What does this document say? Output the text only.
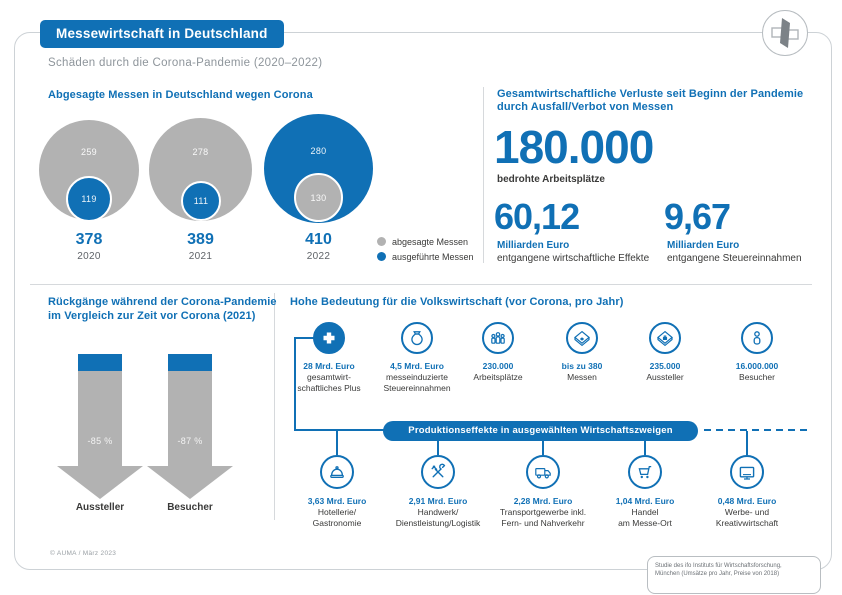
Messewirtschaft in Deutschland
Schäden durch die Corona-Pandemie (2020–2022)
Abgesagte Messen in Deutschland wegen Corona
259
119
378
2020
278
111
389
2021
280
130
410
2022
abgesagte Messen
ausgeführte Messen
Gesamtwirtschaftliche Verluste seit Beginn der Pandemie
durch Ausfall/Verbot von Messen
180.000
bedrohte Arbeitsplätze
60,12
Milliarden Euro
entgangene wirtschaftliche Effekte
9,67
Milliarden Euro
entgangene Steuereinnahmen
Rückgänge während der Corona-Pandemie
im Vergleich zur Zeit vor Corona (2021)
-85 %
Aussteller
-87 %
Besucher
Hohe Bedeutung für die Volkswirtschaft (vor Corona, pro Jahr)
28 Mrd. Euro
gesamtwirt-
schaftliches Plus
4,5 Mrd. Euro
messeinduzierte
Steuereinnahmen
230.000
Arbeitsplätze
bis zu 380
Messen
235.000
Aussteller
16.000.000
Besucher
Produktionseffekte in ausgewählten Wirtschaftszweigen
3,63 Mrd. Euro
Hotellerie/
Gastronomie
2,91 Mrd. Euro
Handwerk/
Dienstleistung/Logistik
2,28 Mrd. Euro
Transportgewerbe inkl.
Fern- und Nahverkehr
1,04 Mrd. Euro
Handel
am Messe-Ort
0,48 Mrd. Euro
Werbe- und
Kreativwirtschaft
© AUMA / März 2023
Studie des ifo Instituts für Wirtschaftsforschung,
München (Umsätze pro Jahr, Preise von 2018)
